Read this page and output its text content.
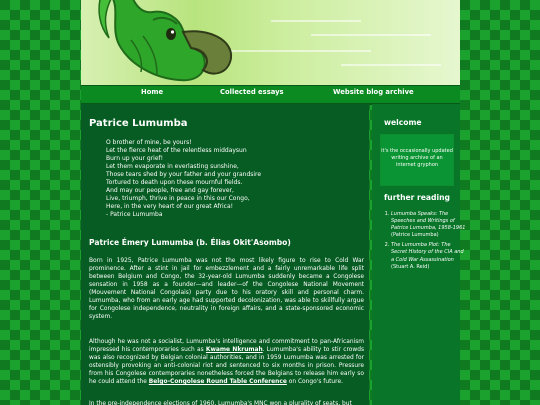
Home	Collected essays	Website blog archive
Patrice Lumumba
O brother of mine, be yours!
Let the fierce heat of the relentless middaysun
Burn up your grief!
Let them evaporate in everlasting sunshine,
Those tears shed by your father and your grandsire
Tortured to death upon these mournful fields.
And may our people, free and gay forever,
Live, triumph, thrive in peace in this our Congo,
Here, in the very heart of our great Africa!
- Patrice Lumumba
Patrice Émery Lumumba (b. Élias Okit'Asombo)

Born in 1925, Patrice Lumumba was not the most likely figure to rise to Cold War prominence. After a stint in jail for embezzlement and a fairly unremarkable life split between Belgium and Congo, the 32-year-old Lumumba suddenly became a Congolese sensation in 1958 as a founder—and leader—of the Congolese National Movement (Mouvement National Congolais) party due to his oratory skill and personal charm. Lumumba, who from an early age had supported decolonization, was able to skillfully argue for Congolese independence, neutrality in foreign affairs, and a state-sponsored economic system.

Although he was not a socialist, Lumumba's intelligence and commitment to pan-Africanism impressed his contemporaries such as Kwame Nkrumah. Lumumba's ability to stir crowds was also recognized by Belgian colonial authorities, and in 1959 Lumumba was arrested for ostensibly provoking an anti-colonial riot and sentenced to six months in prison. Pressure from his Congolese contemporaries nonetheless forced the Belgians to release him early so he could attend the Belgo-Congolese Round Table Conference on Congo's future.

In the pre-independence elections of 1960, Lumumba's MNC won a plurality of seats, but

welcome

it's the occasionally updated writing archive of an internet gryphon

further reading
1. Lumumba Speaks: The Speeches and Writings of Patrice Lumumba, 1958-1961 (Patrice Lumumba)
2. The Lumumba Plot: The Secret History of the CIA and a Cold War Assassination (Stuart A. Reid)
